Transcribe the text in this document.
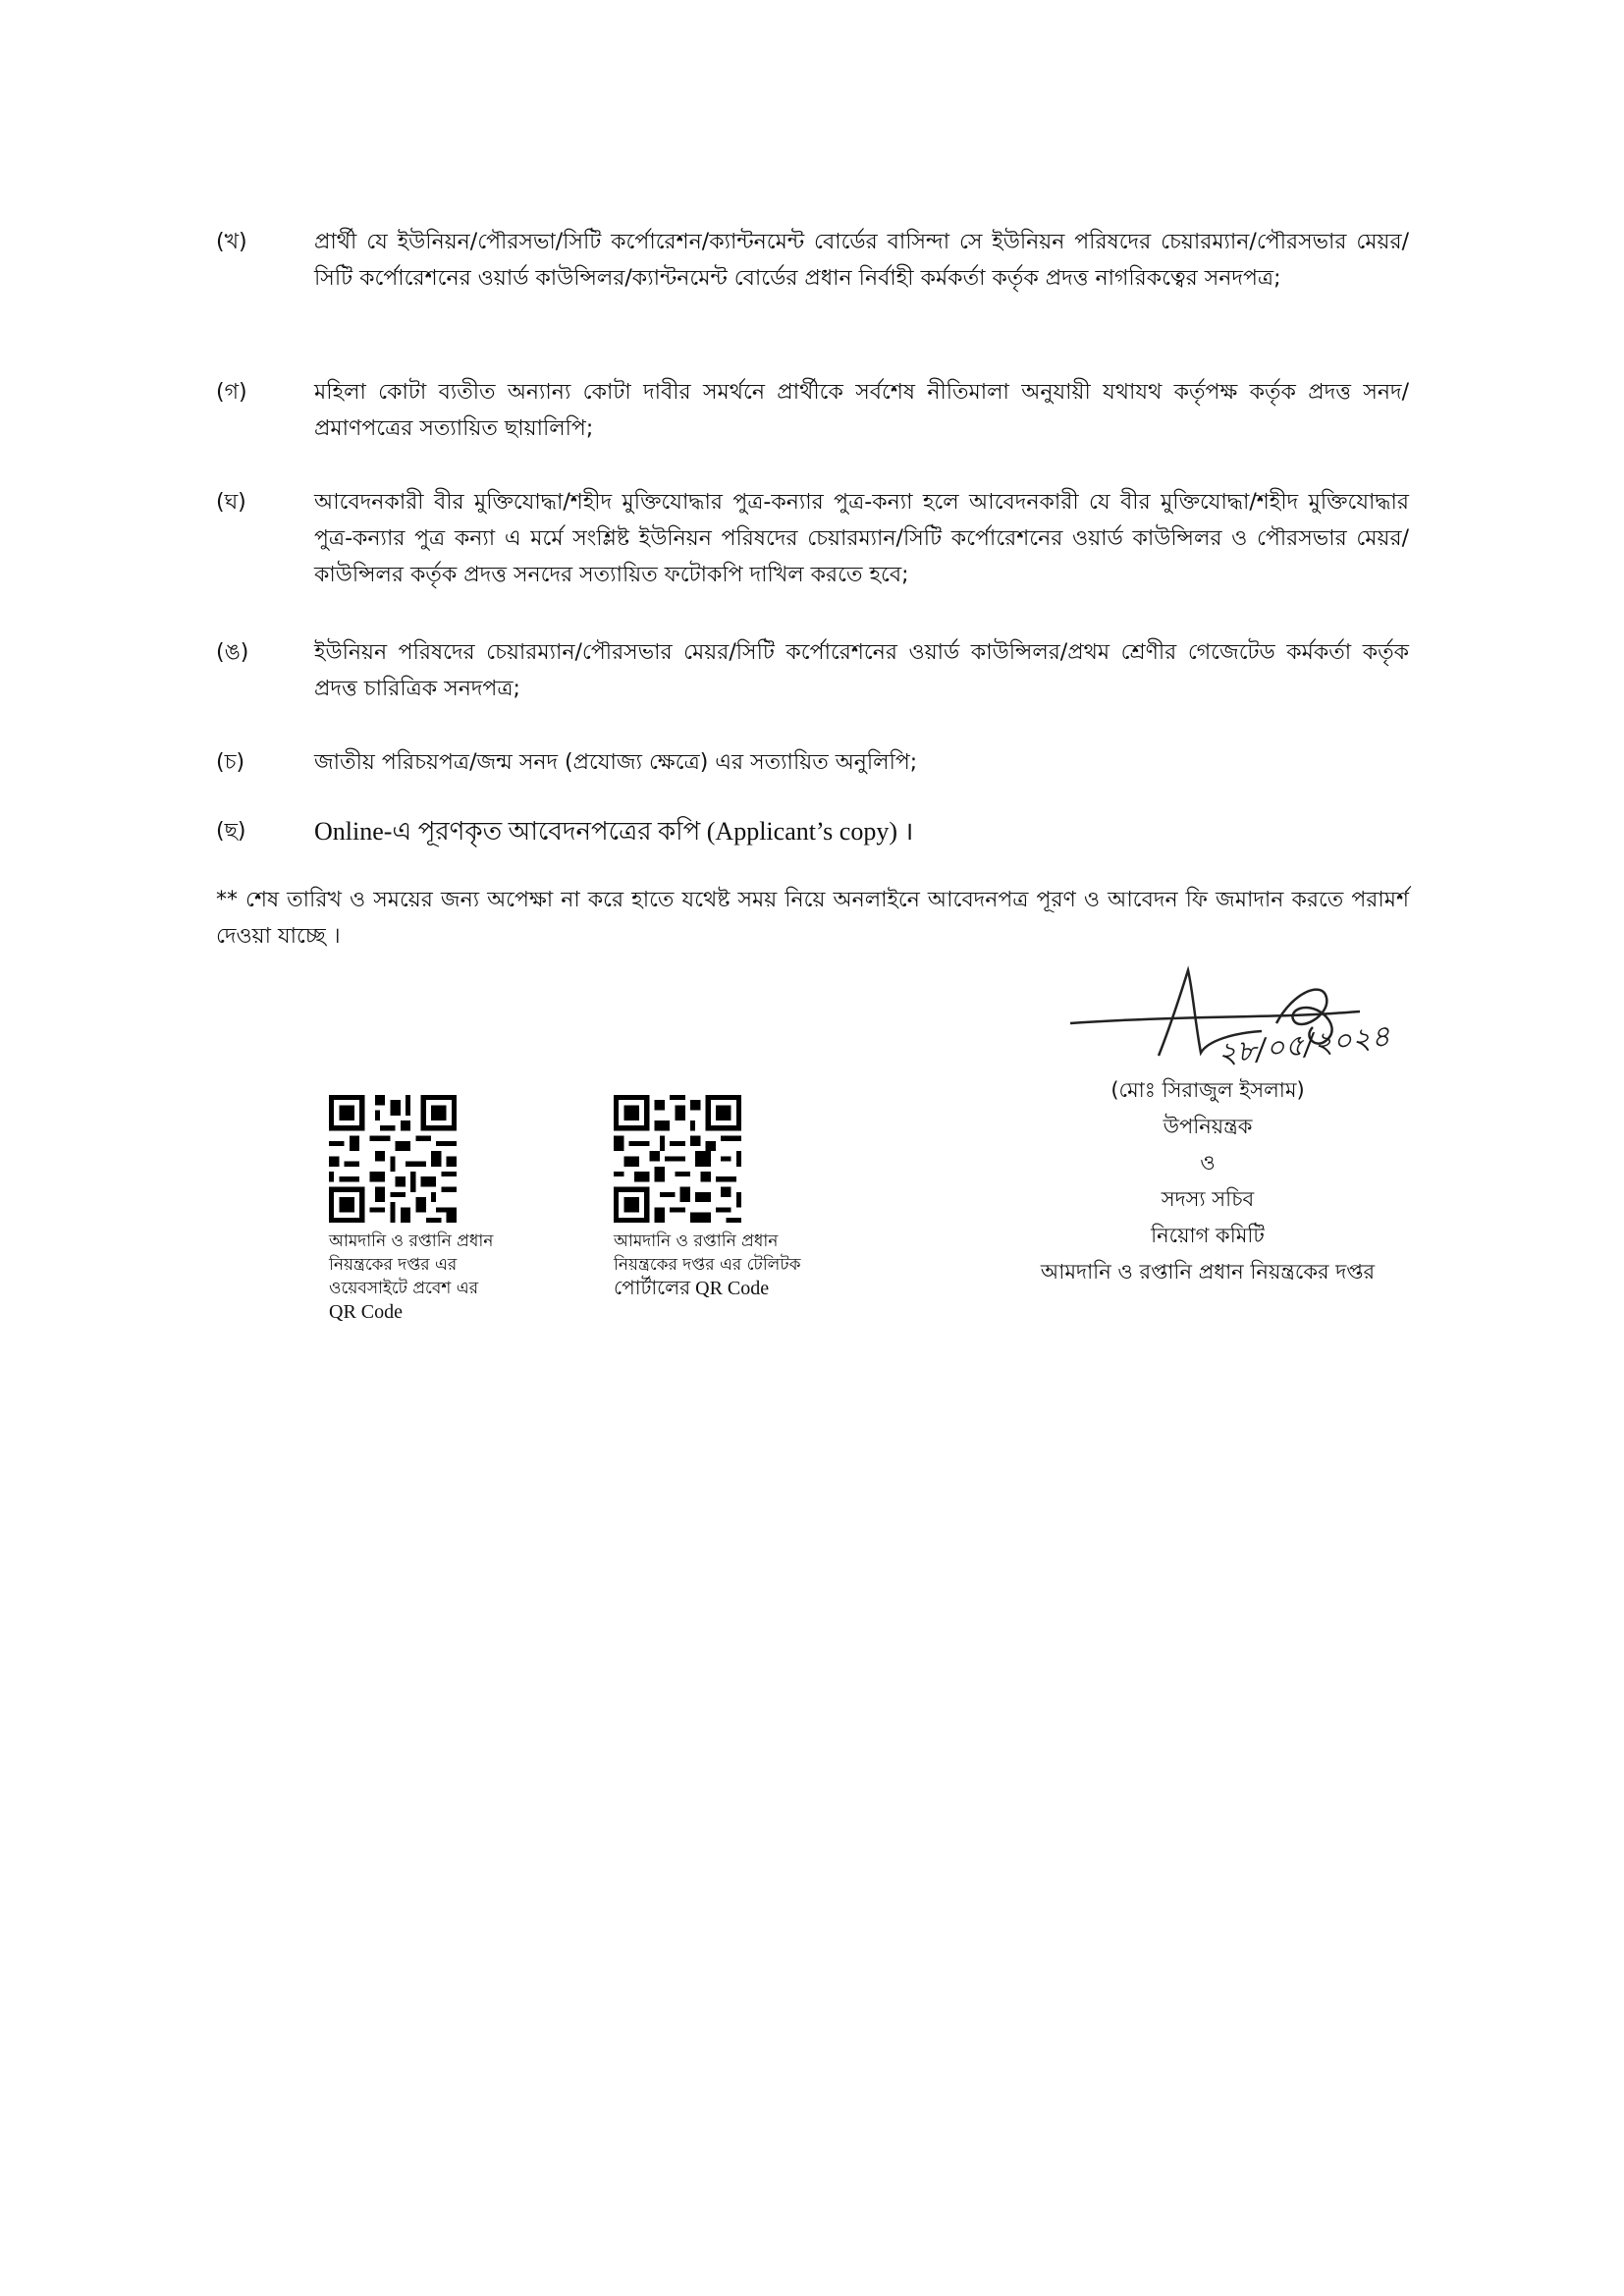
(খ)	প্রার্থী যে ইউনিয়ন/পৌরসভা/সিটি কর্পোরেশন/ক্যান্টনমেন্ট বোর্ডের বাসিন্দা সে ইউনিয়ন পরিষদের চেয়ারম্যান/পৌরসভার মেয়র/সিটি কর্পোরেশনের ওয়ার্ড কাউন্সিলর/ক্যান্টনমেন্ট বোর্ডের প্রধান নির্বাহী কর্মকর্তা কর্তৃক প্রদত্ত নাগরিকত্বের সনদপত্র;
(গ)	মহিলা কোটা ব্যতীত অন্যান্য কোটা দাবীর সমর্থনে প্রার্থীকে সর্বশেষ নীতিমালা অনুযায়ী যথাযথ কর্তৃপক্ষ কর্তৃক প্রদত্ত সনদ/প্রমাণপত্রের সত্যায়িত ছায়ালিপি;
(ঘ)	আবেদনকারী বীর মুক্তিযোদ্ধা/শহীদ মুক্তিযোদ্ধার পুত্র-কন্যার পুত্র-কন্যা হলে আবেদনকারী যে বীর মুক্তিযোদ্ধা/শহীদ মুক্তিযোদ্ধার পুত্র-কন্যার পুত্র কন্যা এ মর্মে সংশ্লিষ্ট ইউনিয়ন পরিষদের চেয়ারম্যান/সিটি কর্পোরেশনের ওয়ার্ড কাউন্সিলর ও পৌরসভার মেয়র/কাউন্সিলর কর্তৃক প্রদত্ত সনদের সত্যায়িত ফটোকপি দাখিল করতে হবে;
(ঙ)	ইউনিয়ন পরিষদের চেয়ারম্যান/পৌরসভার মেয়র/সিটি কর্পোরেশনের ওয়ার্ড কাউন্সিলর/প্রথম শ্রেণীর গেজেটেড কর্মকর্তা কর্তৃক প্রদত্ত চারিত্রিক সনদপত্র;
(চ)	জাতীয় পরিচয়পত্র/জন্ম সনদ (প্রযোজ্য ক্ষেত্রে) এর সত্যায়িত অনুলিপি;
(ছ)	Online-এ পূরণকৃত আবেদনপত্রের কপি (Applicant’s copy) ।
** শেষ তারিখ ও সময়ের জন্য অপেক্ষা না করে হাতে যথেষ্ট সময় নিয়ে অনলাইনে আবেদনপত্র পূরণ ও আবেদন ফি জমাদান করতে পরামর্শ দেওয়া যাচ্ছে ।
২৮/০৫/২০২৪
(মোঃ সিরাজুল ইসলাম)
উপনিয়ন্ত্রক
ও
সদস্য সচিব
নিয়োগ কমিটি
আমদানি ও রপ্তানি প্রধান নিয়ন্ত্রকের দপ্তর
আমদানি ও রপ্তানি প্রধান
নিয়ন্ত্রকের দপ্তর এর
ওয়েবসাইটে প্রবেশ এর
QR Code
আমদানি ও রপ্তানি প্রধান
নিয়ন্ত্রকের দপ্তর এর টেলিটক
পোর্টালের QR Code
